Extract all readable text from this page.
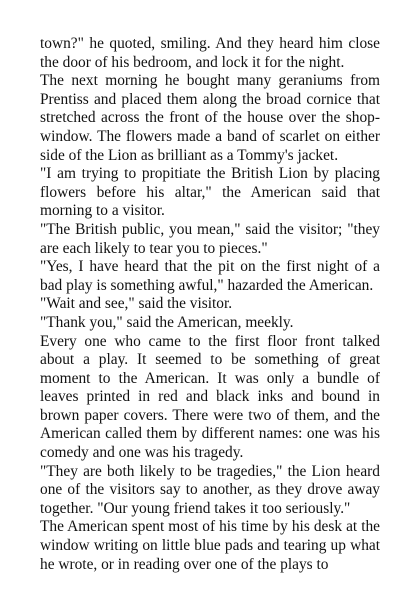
town?" he quoted, smiling. And they heard him close the door of his bedroom, and lock it for the night.

The next morning he bought many geraniums from Prentiss and placed them along the broad cornice that stretched across the front of the house over the shop-window. The flowers made a band of scarlet on either side of the Lion as brilliant as a Tommy's jacket.

"I am trying to propitiate the British Lion by placing flowers before his altar," the American said that morning to a visitor.

"The British public, you mean," said the visitor; "they are each likely to tear you to pieces."

"Yes, I have heard that the pit on the first night of a bad play is something awful," hazarded the American.

"Wait and see," said the visitor.

"Thank you," said the American, meekly.

Every one who came to the first floor front talked about a play. It seemed to be something of great moment to the American. It was only a bundle of leaves printed in red and black inks and bound in brown paper covers. There were two of them, and the American called them by different names: one was his comedy and one was his tragedy.

"They are both likely to be tragedies," the Lion heard one of the visitors say to another, as they drove away together. "Our young friend takes it too seriously."

The American spent most of his time by his desk at the window writing on little blue pads and tearing up what he wrote, or in reading over one of the plays to
